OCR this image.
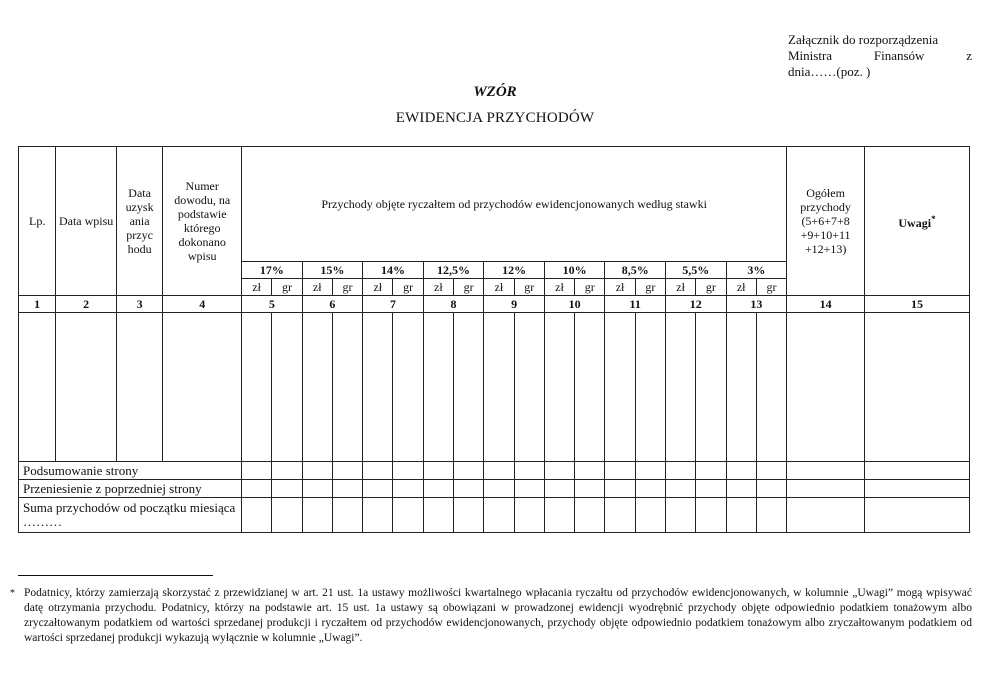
Załącznik do rozporządzenia
Ministra	Finansów	z
dnia……(poz. )
WZÓR
EWIDENCJA PRZYCHODÓW
Lp.	Data wpisu	Data uzysk ania przyc hodu	Numer dowodu, na podstawie którego dokonano wpisu	Przychody objęte ryczałtem od przychodów ewidencjonowanych według stawki																		Ogółem przychody (5+6+7+8 +9+10+11 +12+13)	Uwagi*
				17%		15%		14%		12,5%		12%		10%		8,5%		5,5%		3%			
				zł	gr	zł	gr	zł	gr	zł	gr	zł	gr	zł	gr	zł	gr	zł	gr	zł	gr		
1	2	3	4	5		6		7		8		9		10		11		12		13		14	15

Podsumowanie strony																							
Przeniesienie z poprzedniej strony																							
Suma przychodów od początku miesiąca ………																							
* Podatnicy, którzy zamierzają skorzystać z przewidzianej w art. 21 ust. 1a ustawy możliwości kwartalnego wpłacania ryczałtu od przychodów ewidencjonowanych, w kolumnie „Uwagi” mogą wpisywać datę otrzymania przychodu. Podatnicy, którzy na podstawie art. 15 ust. 1a ustawy są obowiązani w prowadzonej ewidencji wyodrębnić przychody objęte odpowiednio podatkiem tonażowym albo zryczałtowanym podatkiem od wartości sprzedanej produkcji i ryczałtem od przychodów ewidencjonowanych, przychody objęte odpowiednio podatkiem tonażowym albo zryczałtowanym podatkiem od wartości sprzedanej produkcji wykazują wyłącznie w kolumnie „Uwagi”.
